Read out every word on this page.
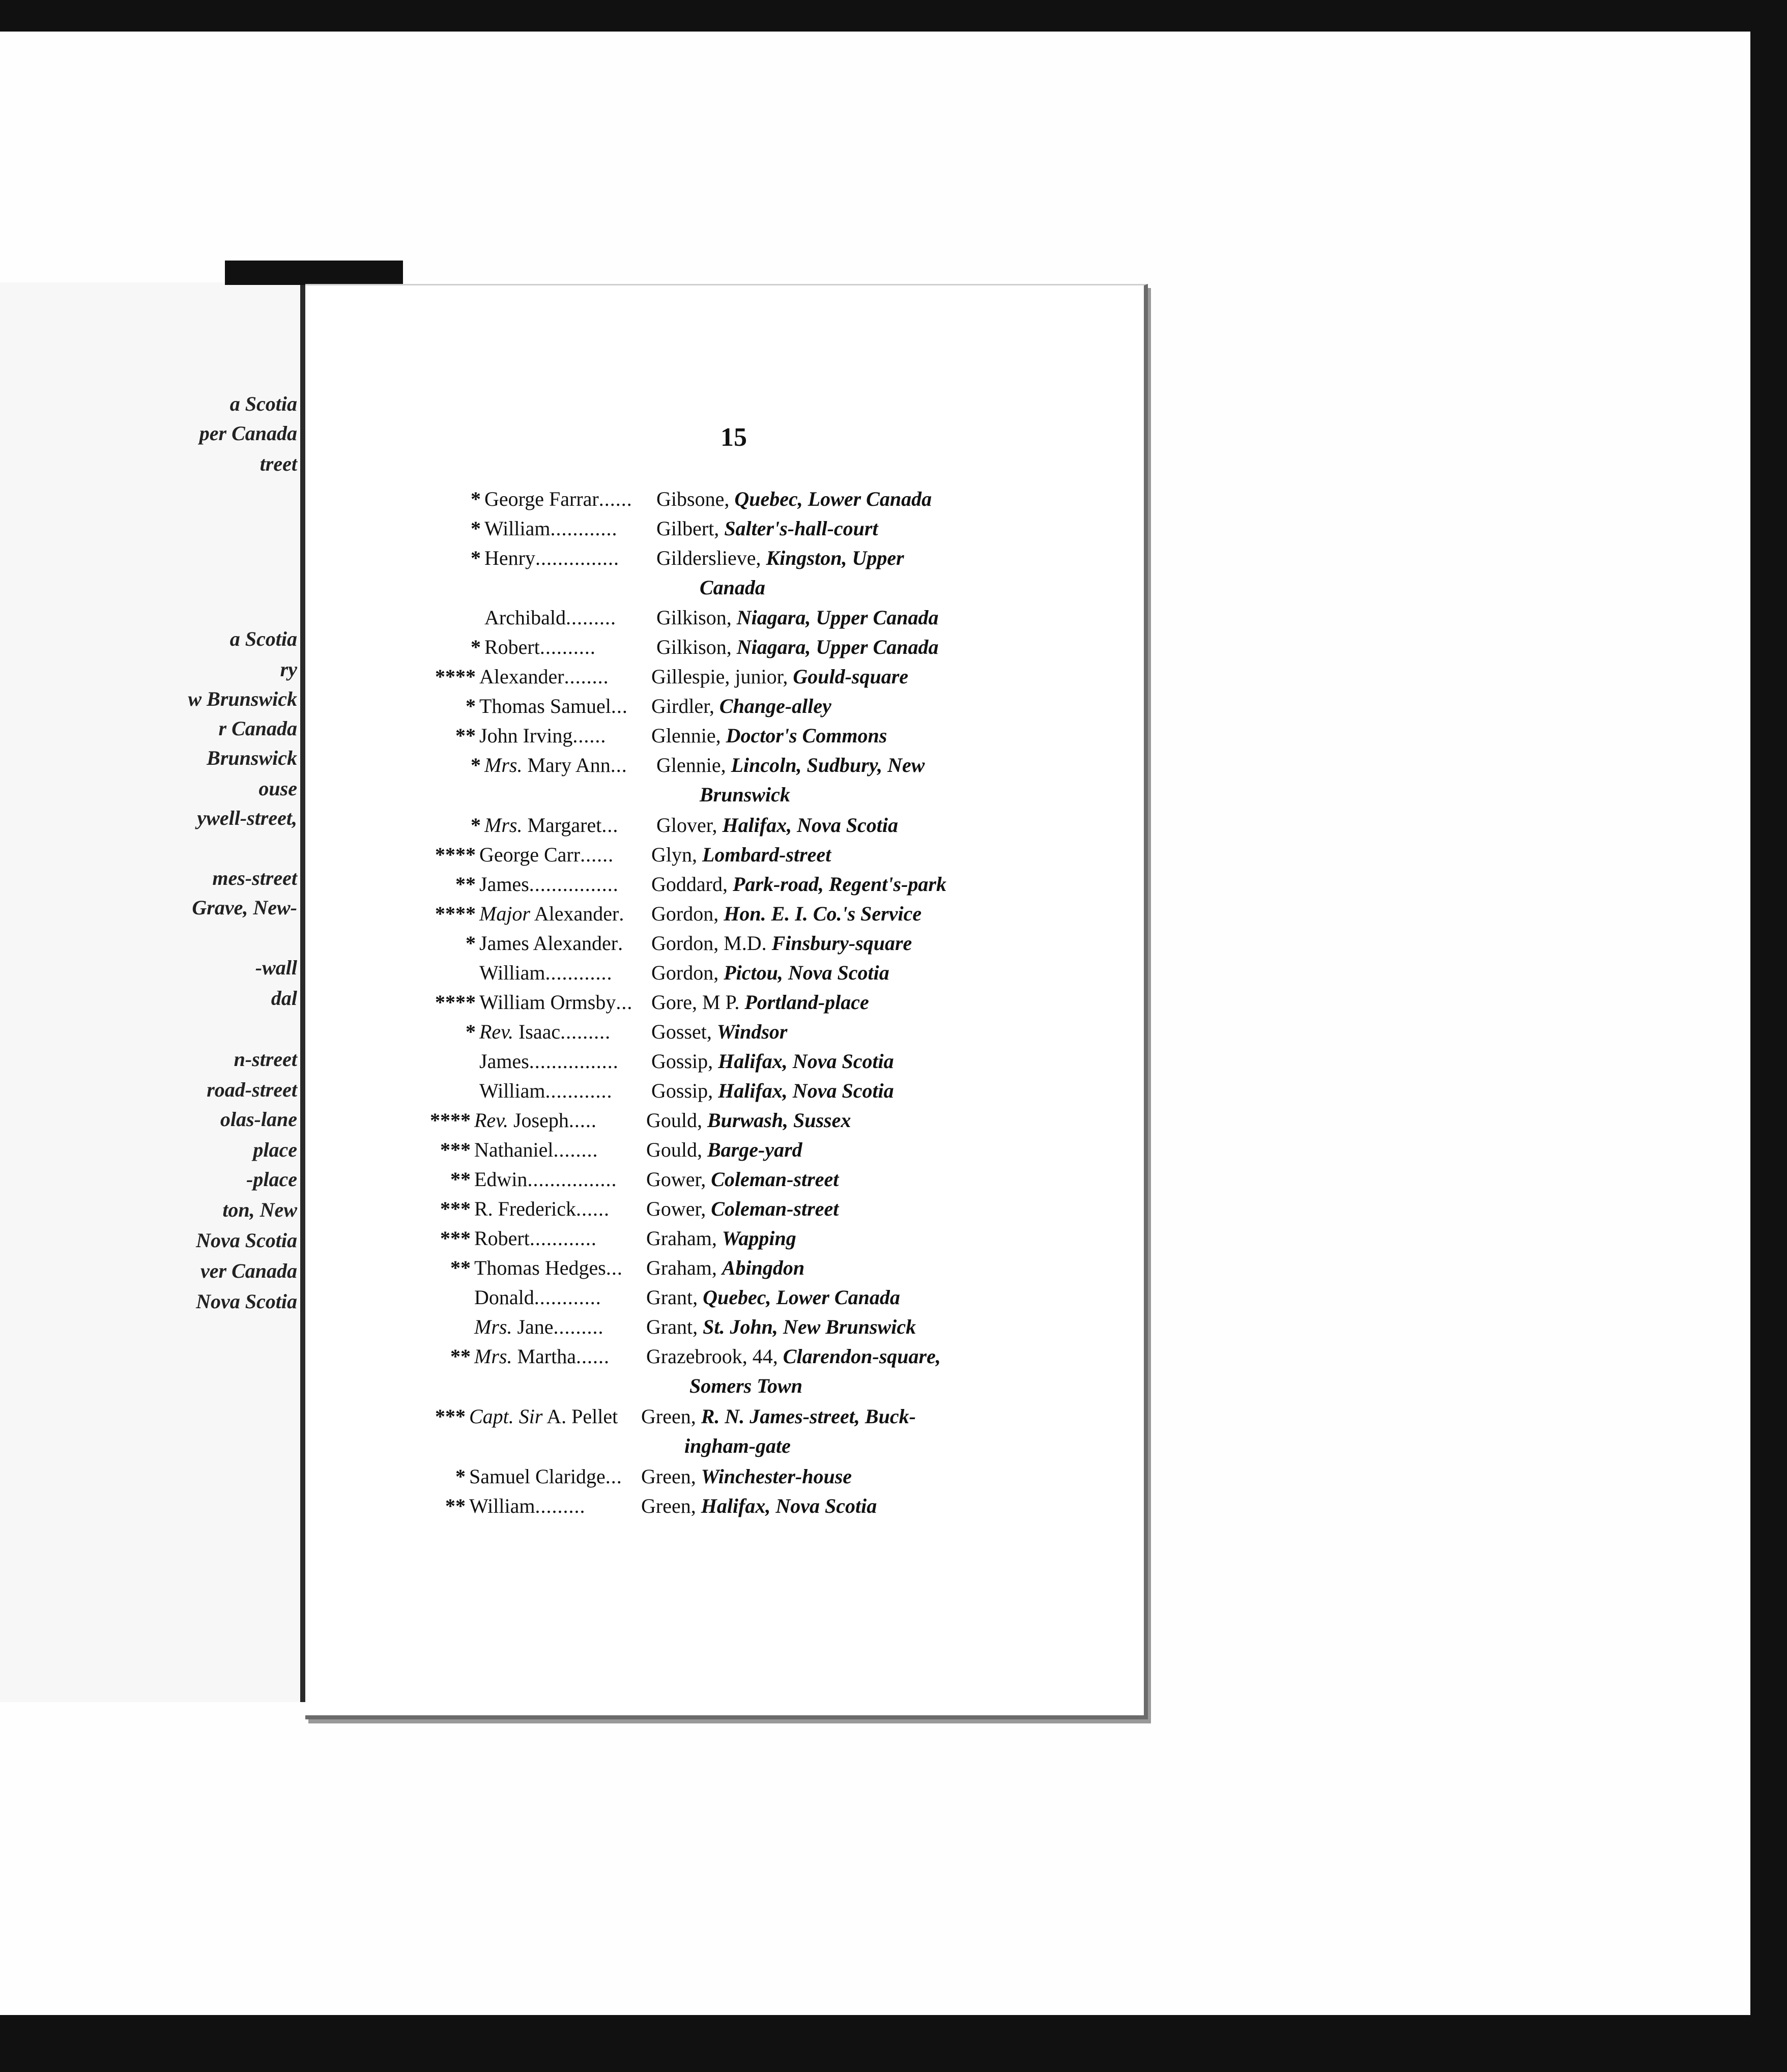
a Scotia
per Canada
treet
a Scotia
ry
w Brunswick
r Canada
Brunswick
ouse
ywell-street,
mes-street
Grave, New-
-wall
dal
n-street
road-street
olas-lane
place
-place
ton, New
Nova Scotia
ver Canada
Nova Scotia
15
* George Farrar...... Gibsone, Quebec, Lower Canada
* William............ Gilbert, Salter's-hall-court
* Henry............... Gilderslieve, Kingston, Upper
Canada
Archibald......... Gilkison, Niagara, Upper Canada
* Robert..........	Gilkison, Niagara, Upper Canada
**** Alexander........ Gillespie, junior, Gould-square
* Thomas Samuel... Girdler, Change-alley
** John Irving...... Glennie, Doctor's Commons
* Mrs. Mary Ann... Glennie, Lincoln, Sudbury, New
Brunswick
* Mrs. Margaret... Glover, Halifax, Nova Scotia
**** George Carr...... Glyn, Lombard-street
** James................ Goddard, Park-road, Regent's-park
**** Major Alexander. Gordon, Hon. E. I. Co.'s Service
* James Alexander. Gordon, M.D. Finsbury-square
William............ Gordon, Pictou, Nova Scotia
**** William Ormsby... Gore, M P. Portland-place
* Rev. Isaac......... Gosset, Windsor
James................ Gossip, Halifax, Nova Scotia
William............ Gossip, Halifax, Nova Scotia
**** Rev. Joseph..... Gould, Burwash, Sussex
*** Nathaniel........ Gould, Barge-yard
** Edwin................ Gower, Coleman-street
*** R. Frederick...... Gower, Coleman-street
*** Robert............ Graham, Wapping
** Thomas Hedges... Graham, Abingdon
Donald............ Grant, Quebec, Lower Canada
Mrs. Jane......... Grant, St. John, New Brunswick
** Mrs. Martha...... Grazebrook, 44, Clarendon-square,
Somers Town
*** Capt. Sir A. Pellet Green, R. N. James-street, Buck-
ingham-gate
* Samuel Claridge... Green, Winchester-house
** William.........	Green, Halifax, Nova Scotia
